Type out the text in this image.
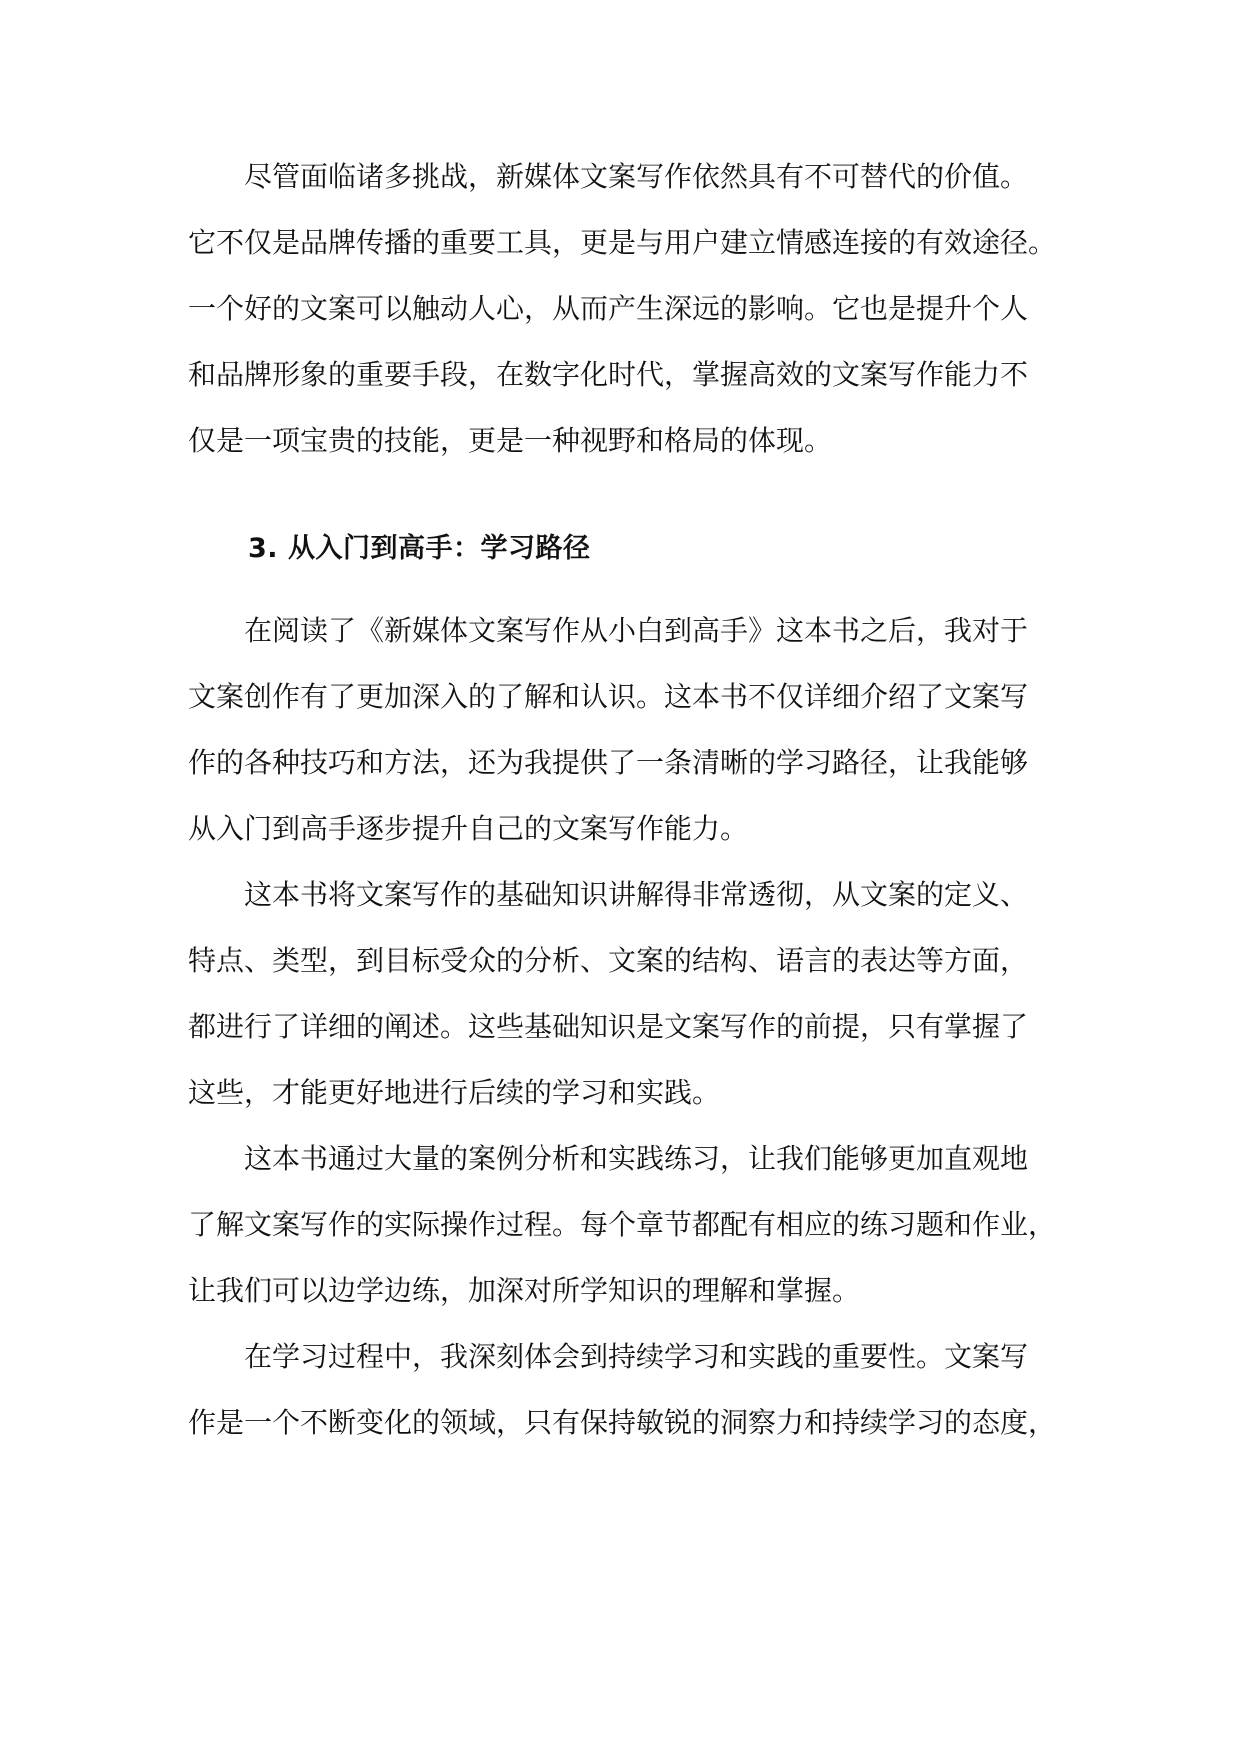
尽管面临诸多挑战，新媒体文案写作依然具有不可替代的价值。
它不仅是品牌传播的重要工具，更是与用户建立情感连接的有效途径。
一个好的文案可以触动人心，从而产生深远的影响。它也是提升个人
和品牌形象的重要手段，在数字化时代，掌握高效的文案写作能力不
仅是一项宝贵的技能，更是一种视野和格局的体现。
3. 从入门到高手：学习路径
在阅读了《新媒体文案写作从小白到高手》这本书之后，我对于
文案创作有了更加深入的了解和认识。这本书不仅详细介绍了文案写
作的各种技巧和方法，还为我提供了一条清晰的学习路径，让我能够
从入门到高手逐步提升自己的文案写作能力。
这本书将文案写作的基础知识讲解得非常透彻，从文案的定义、
特点、类型，到目标受众的分析、文案的结构、语言的表达等方面，
都进行了详细的阐述。这些基础知识是文案写作的前提，只有掌握了
这些，才能更好地进行后续的学习和实践。
这本书通过大量的案例分析和实践练习，让我们能够更加直观地
了解文案写作的实际操作过程。每个章节都配有相应的练习题和作业，
让我们可以边学边练，加深对所学知识的理解和掌握。
在学习过程中，我深刻体会到持续学习和实践的重要性。文案写
作是一个不断变化的领域，只有保持敏锐的洞察力和持续学习的态度，
